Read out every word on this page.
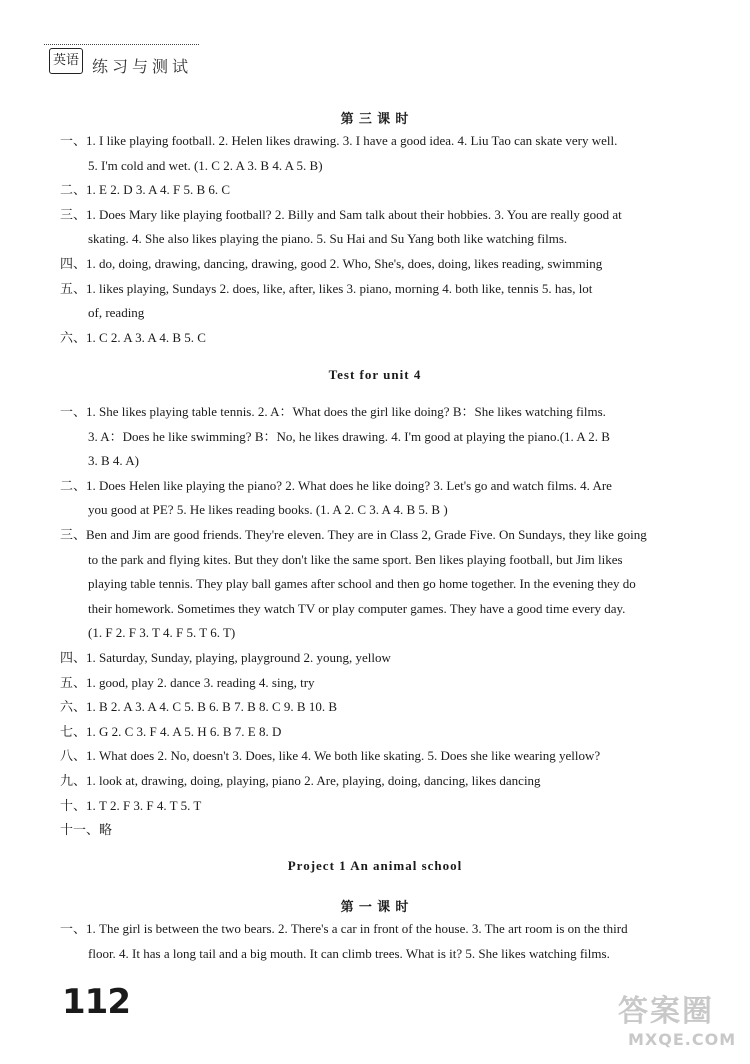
英语 练习与测试
第 三 课 时
一、1. I like playing football. 2. Helen likes drawing. 3. I have a good idea. 4. Liu Tao can skate very well.
5. I'm cold and wet. (1. C 2. A 3. B 4. A 5. B)
二、1. E 2. D 3. A 4. F 5. B 6. C
三、1. Does Mary like playing football? 2. Billy and Sam talk about their hobbies. 3. You are really good at
skating. 4. She also likes playing the piano. 5. Su Hai and Su Yang both like watching films.
四、1. do, doing, drawing, dancing, drawing, good 2. Who, She's, does, doing, likes reading, swimming
五、1. likes playing, Sundays 2. does, like, after, likes 3. piano, morning 4. both like, tennis 5. has, lot
of, reading
六、1. C 2. A 3. A 4. B 5. C
Test for unit 4
一、1. She likes playing table tennis. 2. A：What does the girl like doing? B：She likes watching films.
3. A：Does he like swimming? B：No, he likes drawing. 4. I'm good at playing the piano.(1. A 2. B
3. B 4. A)
二、1. Does Helen like playing the piano? 2. What does he like doing? 3. Let's go and watch films. 4. Are
you good at PE? 5. He likes reading books. (1. A 2. C 3. A 4. B 5. B )
三、Ben and Jim are good friends. They're eleven. They are in Class 2, Grade Five. On Sundays, they like going
to the park and flying kites. But they don't like the same sport. Ben likes playing football, but Jim likes
playing table tennis. They play ball games after school and then go home together. In the evening they do
their homework. Sometimes they watch TV or play computer games. They have a good time every day.
(1. F 2. F 3. T 4. F 5. T 6. T)
四、1. Saturday, Sunday, playing, playground 2. young, yellow
五、1. good, play 2. dance 3. reading 4. sing, try
六、1. B 2. A 3. A 4. C 5. B 6. B 7. B 8. C 9. B 10. B
七、1. G 2. C 3. F 4. A 5. H 6. B 7. E 8. D
八、1. What does 2. No, doesn't 3. Does, like 4. We both like skating. 5. Does she like wearing yellow?
九、1. look at, drawing, doing, playing, piano 2. Are, playing, doing, dancing, likes dancing
十、1. T 2. F 3. F 4. T 5. T
十一、略
Project 1 An animal school
第 一 课 时
一、1. The girl is between the two bears. 2. There's a car in front of the house. 3. The art room is on the third
floor. 4. It has a long tail and a big mouth. It can climb trees. What is it? 5. She likes watching films.
112	答案圈
MXQE.COM
